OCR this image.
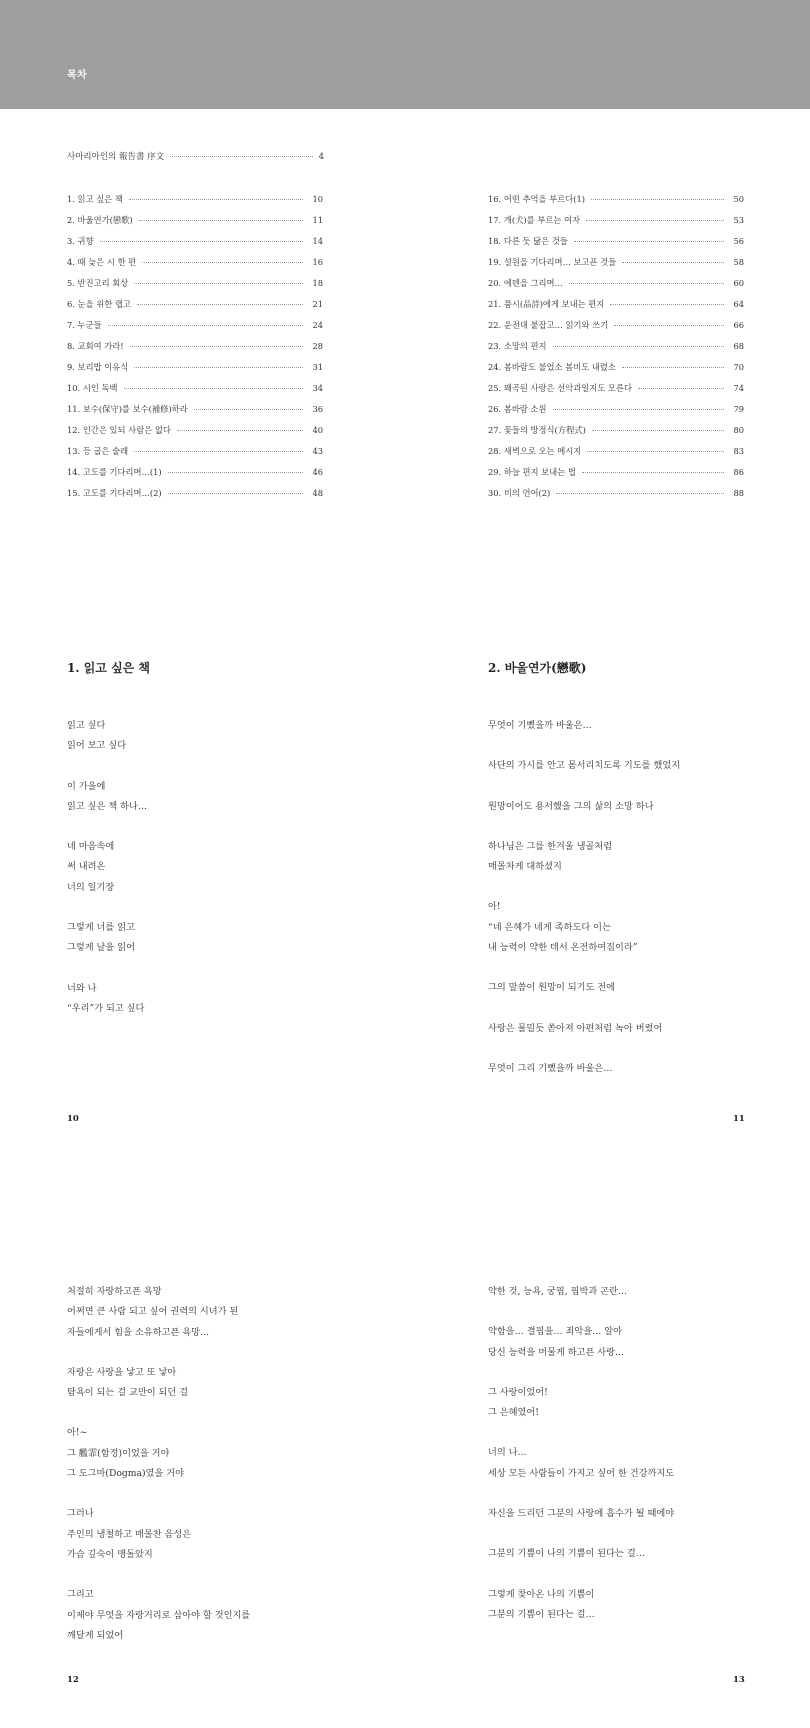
목차
사마리아인의 報告書 序文	4
1. 읽고 싶은 책	10
2. 바울연가(戀歌)	11
3. 귀향	14
4. 때 늦은 시 한 편	16
5. 반진고리 회상	18
6. 눈을 위한 랩고	21
7. 누군들	24
8. 교회여 가라!	28
9. 보리밥 이유식	31
10. 시인 독백	34
11. 보수(保守)를 보수(補修)하라	36
12. 인간은 있되 사람은 없다	40
13. 등 굽은 술래	43
14. 고도를 기다리며…(1)	46
15. 고도를 기다리며…(2)	48
16. 어떤 추억을 부르다(1)	50
17. 개(犬)를 부르는 여자	53
18. 다른 듯 닮은 것들	56
19. 설원을 기다리며… 보고픈 것들	58
20. 에덴을 그리며…	60
21. 품시(品詩)에게 보내는 편지	64
22. 운전대 붙잡고… 읽기와 쓰기	66
23. 소망의 편지	68
24. 봄바람도 불었소 봄비도 내렸소	70
25. 왜곡된 사랑은 선악과일지도 모른다	74
26. 봄바람 소원	79
27. 꽃들의 방정식(方程式)	80
28. 새벽으로 오는 메시지	83
29. 하늘 편지 보내는 법	86
30. 비의 언어(2)	88
1. 읽고 싶은 책	2. 바울연가(戀歌)
읽고 싶다
읽어 보고 싶다
이 가을에
읽고 싶은 책 하나…
네 마음속에
써 내려온
너의 일기장
그렇게 너를 읽고
그렇게 날을 읽어
너와 나
“우리”가 되고 싶다
무엇이 기뻤을까 바울은…
사단의 가시를 안고 몸서리치도록 기도를 했었지
원망이어도 용서했을 그의 삶의 소망 하나
하나님은 그를 한겨울 냉골처럼
매몰차게 대하셨지
아!
“네 은혜가 네게 족하도다 이는
내 능력이 약한 데서 온전하여짐이라”
그의 말씀이 원망이 되기도 전에
사랑은 물밀듯 쏟아져 아편처럼 녹아 버렸어
무엇이 그리 기뻤을까 바울은…
처절히 자랑하고픈 욕망
어쩌면 큰 사람 되고 싶어 권력의 시녀가 된
자들에게서 힘을 소유하고픈 욕망…
자랑은 사랑을 낳고 또 낳아
탐욕이 되는 걸 교만이 되던 걸
아!~
그 艦霏(함정)이었을 거야
그 도그마(Dogma)였을 거야
그러나
주인의 냉철하고 매몰찬 음성은
가슴 깊숙이 맹돌았지
그리고
이제야 무엇을 자랑거리로 삼아야 할 것인지를
깨달게 되었어
약한 것, 능욕, 궁핍, 핍박과 곤란…
약함을… 결핍을… 죄악을… 알아
당신 능력을 머물게 하고픈 사랑…
그 사랑이었어!
그 은혜였어!
너의 나…
세상 모든 사람들이 가지고 싶어 한 건강까지도
자신을 드리던 그분의 사랑에 흡수가 될 때에야
그분의 기쁨이 나의 기쁨이 된다는 걸…
그렇게 찾아온 나의 기쁨이
그분의 기쁨이 된다는 걸…
10	11
12	13
